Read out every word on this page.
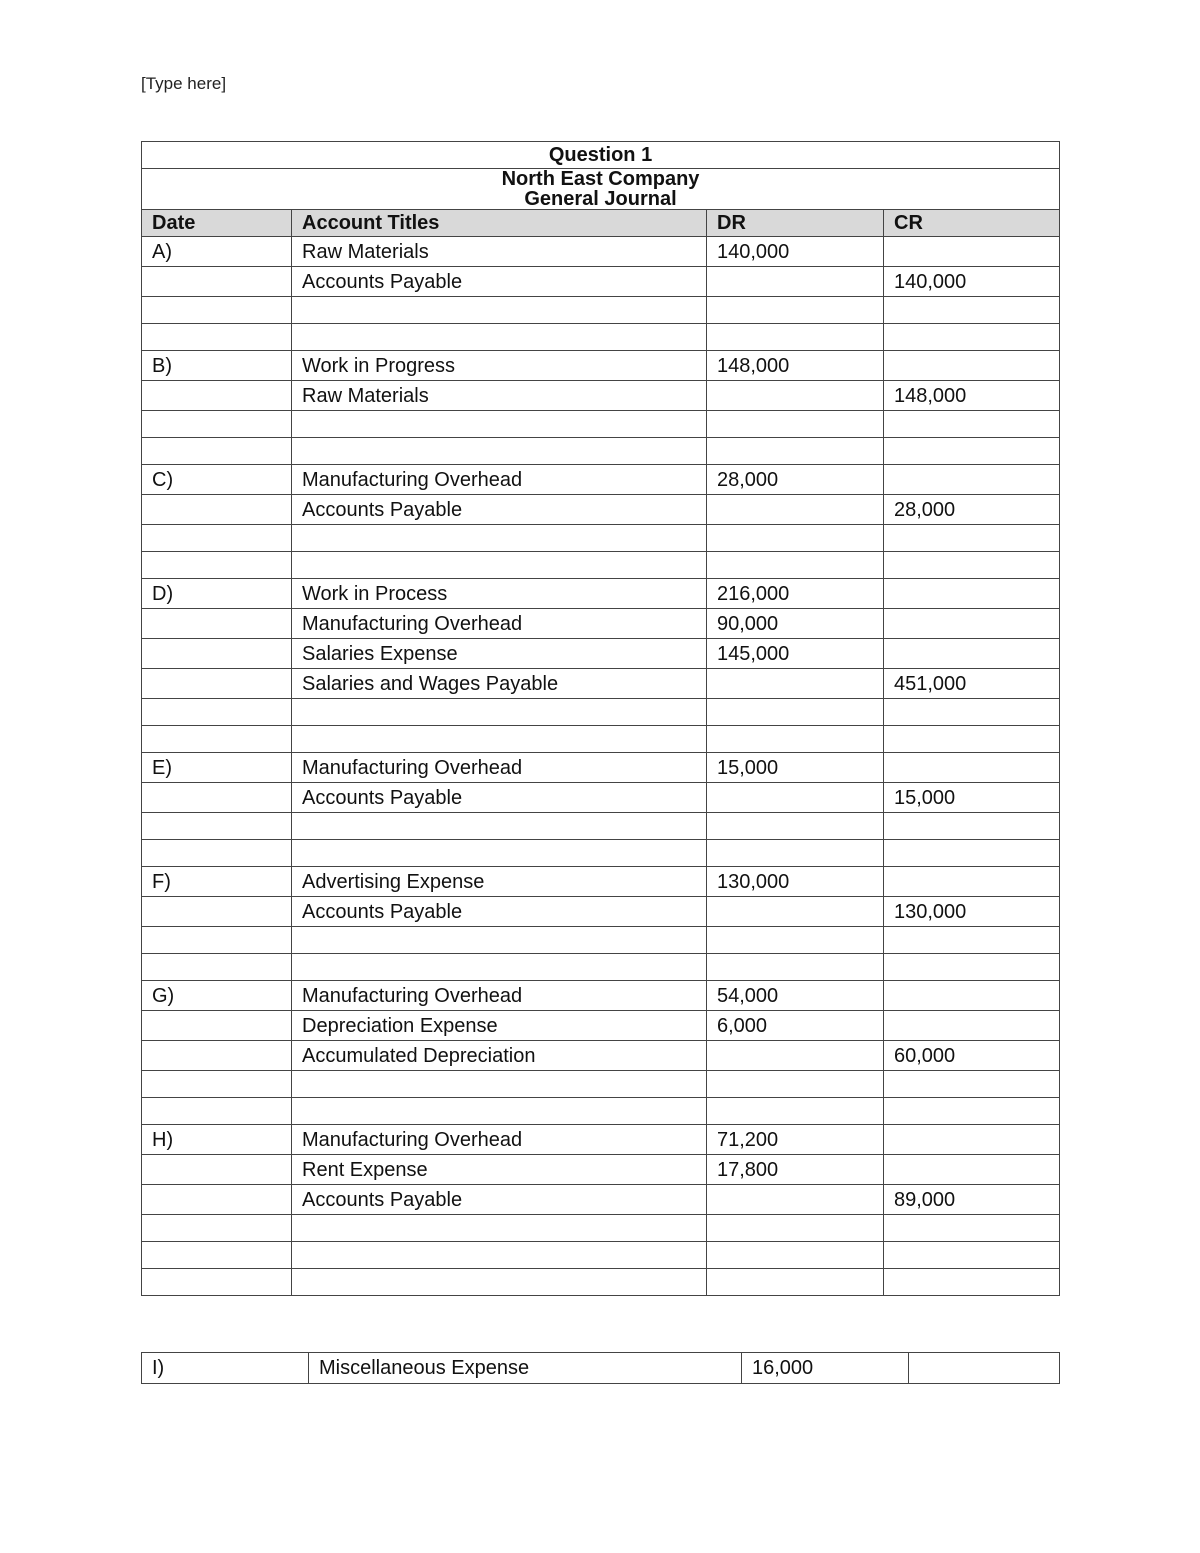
[Type here]
Question 1			

North East Company
General Journal			

Date	Account Titles	DR	CR
A)	Raw Materials	140,000	
	Accounts Payable		140,000

B)	Work in Progress	148,000	
	Raw Materials		148,000

C)	Manufacturing Overhead	28,000	
	Accounts Payable		28,000

D)	Work in Process	216,000	
	Manufacturing Overhead	90,000	
	Salaries Expense	145,000	
	Salaries and Wages Payable		451,000

E)	Manufacturing Overhead	15,000	
	Accounts Payable		15,000

F)	Advertising Expense	130,000	
	Accounts Payable		130,000

G)	Manufacturing Overhead	54,000	
	Depreciation Expense	6,000	
	Accumulated Depreciation		60,000

H)	Manufacturing Overhead	71,200	
	Rent Expense	17,800	
	Accounts Payable		89,000

I)	Miscellaneous Expense	16,000	
